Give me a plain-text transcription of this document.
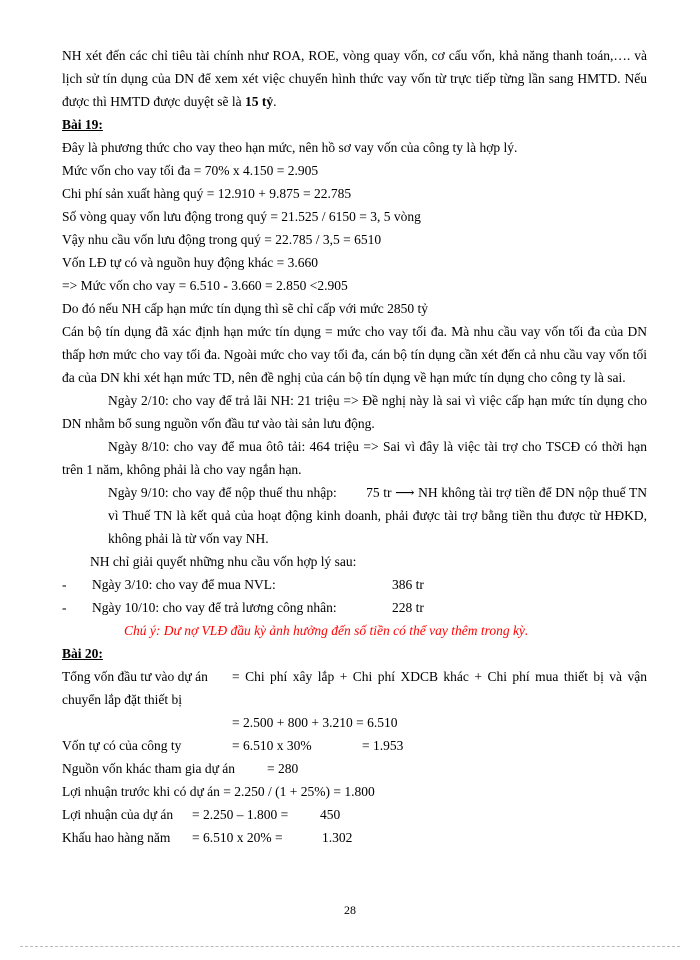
NH xét đến các chỉ tiêu tài chính như ROA, ROE, vòng quay vốn, cơ cấu vốn, khả năng thanh toán,…. và lịch sử tín dụng của DN để xem xét việc chuyển hình thức vay vốn từ trực tiếp từng lần sang HMTD. Nếu được thì HMTD được duyệt sẽ là 15 tỷ.

Bài 19:

Đây là phương thức cho vay theo hạn mức, nên hồ sơ vay vốn của công ty là hợp lý.

Mức vốn cho vay tối đa = 70% x 4.150 = 2.905

Chi phí sản xuất hàng quý = 12.910 + 9.875 = 22.785

Số vòng quay vốn lưu động trong quý = 21.525 / 6150 = 3, 5 vòng

Vậy nhu cầu vốn lưu động trong quý = 22.785 / 3,5 = 6510

Vốn LĐ tự có và nguồn huy động khác = 3.660

=> Mức vốn cho vay = 6.510 - 3.660 = 2.850 <2.905

Do đó nếu NH cấp hạn mức tín dụng thì sẽ chỉ cấp với mức 2850 tỷ

Cán bộ tín dụng đã xác định hạn mức tín dụng = mức cho vay tối đa. Mà nhu cầu vay vốn tối đa của DN thấp hơn mức cho vay tối đa. Ngoài mức cho vay tối đa, cán bộ tín dụng cần xét đến cả nhu cầu vay vốn tối đa của DN khi xét hạn mức TD, nên đề nghị của cán bộ tín dụng về hạn mức tín dụng cho công ty là sai.

Ngày 2/10: cho vay để trả lãi NH: 21 triệu => Đề nghị này là sai vì việc cấp hạn mức tín dụng cho DN nhằm bổ sung nguồn vốn đầu tư vào tài sản lưu động.

Ngày 8/10: cho vay để mua ôtô tải: 464 triệu => Sai vì đây là việc tài trợ cho TSCĐ có thời hạn trên 1 năm, không phải là cho vay ngắn hạn.

Ngày 9/10: cho vay để nộp thuế thu nhập: 75 tr ⟶ NH không tài trợ tiền để DN nộp thuế TN vì Thuế TN là kết quả của hoạt động kinh doanh, phải được tài trợ bằng tiền thu được từ HĐKD, không phải là từ vốn vay NH.

NH chỉ giải quyết những nhu cầu vốn hợp lý sau:

-	Ngày 3/10: cho vay để mua NVL:	386 tr
-	Ngày 10/10: cho vay để trả lương công nhân:	228 tr

Chú ý: Dư nợ VLĐ đầu kỳ ảnh hưởng đến số tiền có thể vay thêm trong kỳ.

Bài 20:

Tổng vốn đầu tư vào dự án = Chi phí xây lắp + Chi phí XDCB khác + Chi phí mua thiết bị và vận chuyển lắp đặt thiết bị

= 2.500 + 800 + 3.210 = 6.510

Vốn tự có của công ty	= 6.510 x 30%	= 1.953
Nguồn vốn khác tham gia dự án = 280
Lợi nhuận trước khi có dự án = 2.250 / (1 + 25%) = 1.800
Lợi nhuận của dự án = 2.250 – 1.800 = 450
Khấu hao hàng năm = 6.510 x 20% =	1.302
28
